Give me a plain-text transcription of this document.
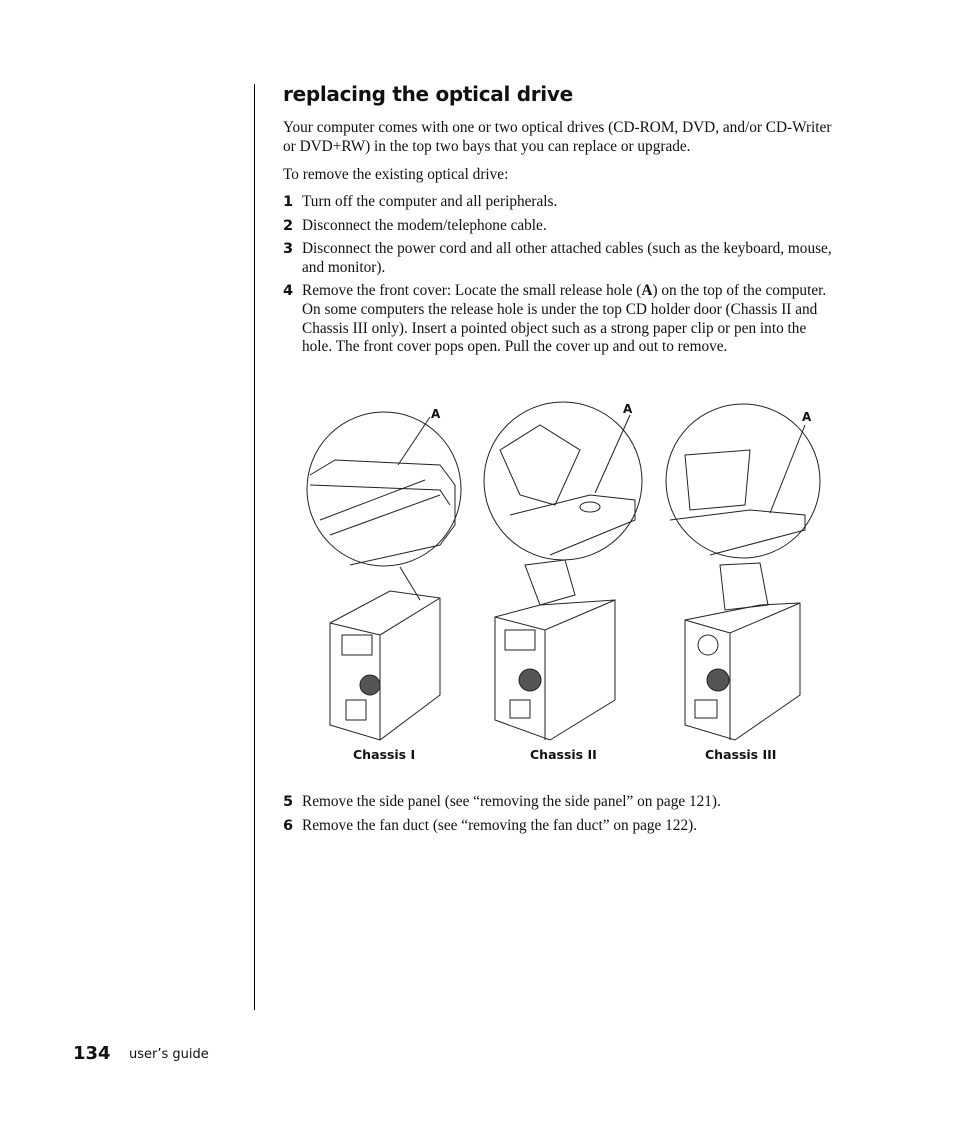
replacing the optical drive

Your computer comes with one or two optical drives (CD-ROM, DVD, and/or CD-Writer or DVD+RW) in the top two bays that you can replace or upgrade.

To remove the existing optical drive:

1 Turn off the computer and all peripherals.
2 Disconnect the modem/telephone cable.
3 Disconnect the power cord and all other attached cables (such as the keyboard, mouse, and monitor).
4 Remove the front cover: Locate the small release hole (A) on the top of the computer. On some computers the release hole is under the top CD holder door (Chassis II and Chassis III only). Insert a pointed object such as a strong paper clip or pen into the hole. The front cover pops open. Pull the cover up and out to remove.
A	A
A
Chassis I	Chassis II	Chassis III
5 Remove the side panel (see “removing the side panel” on page 121).
6 Remove the fan duct (see “removing the fan duct” on page 122).
134 user’s guide
